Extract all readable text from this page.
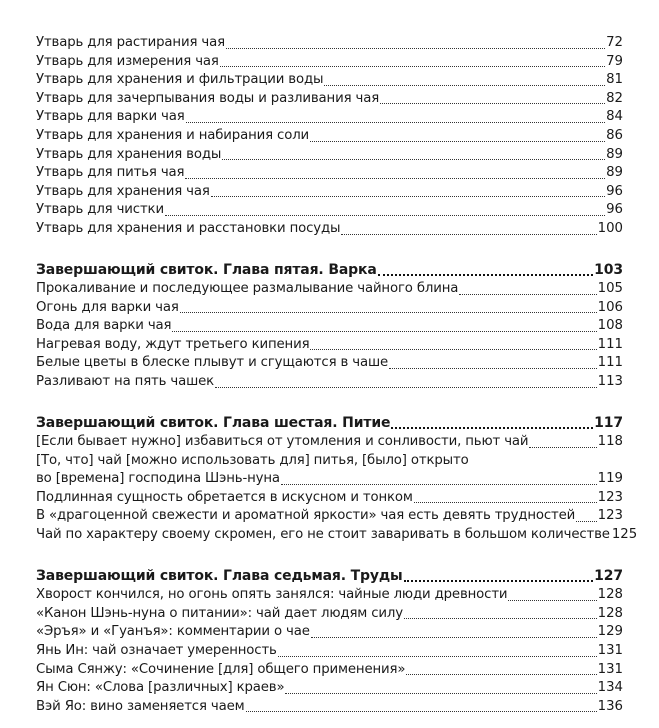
Утварь для растирания чая	72
Утварь для измерения чая	79
Утварь для хранения и фильтрации воды	81
Утварь для зачерпывания воды и разливания чая	82
Утварь для варки чая	84
Утварь для хранения и набирания соли	86
Утварь для хранения воды	89
Утварь для питья чая	89
Утварь для хранения чая	96
Утварь для чистки	96
Утварь для хранения и расстановки посуды	100
Завершающий свиток. Глава пятая. Варка	103
Прокаливание и последующее размалывание чайного блина	105
Огонь для варки чая	106
Вода для варки чая	108
Нагревая воду, ждут третьего кипения	111
Белые цветы в блеске плывут и сгущаются в чаше	111
Разливают на пять чашек	113
Завершающий свиток. Глава шестая. Питие	117
[Если бывает нужно] избавиться от утомления и сонливости, пьют чай	118
[То, что] чай [можно использовать для] питья, [было] открыто
во [времена] господина Шэнь-нуна	119
Подлинная сущность обретается в искусном и тонком	123
В «драгоценной свежести и ароматной яркости» чая есть девять трудностей 123
Чай по характеру своему скромен, его не стоит заваривать в большом количестве 125
Завершающий свиток. Глава седьмая. Труды	127
Хворост кончился, но огонь опять занялся: чайные люди древности	128
«Канон Шэнь-нуна о питании»: чай дает людям силу	128
«Эръя» и «Гуанъя»: комментарии о чае	129
Янь Ин: чай означает умеренность	131
Сыма Сянжу: «Сочинение [для] общего применения»	131
Ян Сюн: «Слова [различных] краев»	134
Вэй Яо: вино заменяется чаем	136
